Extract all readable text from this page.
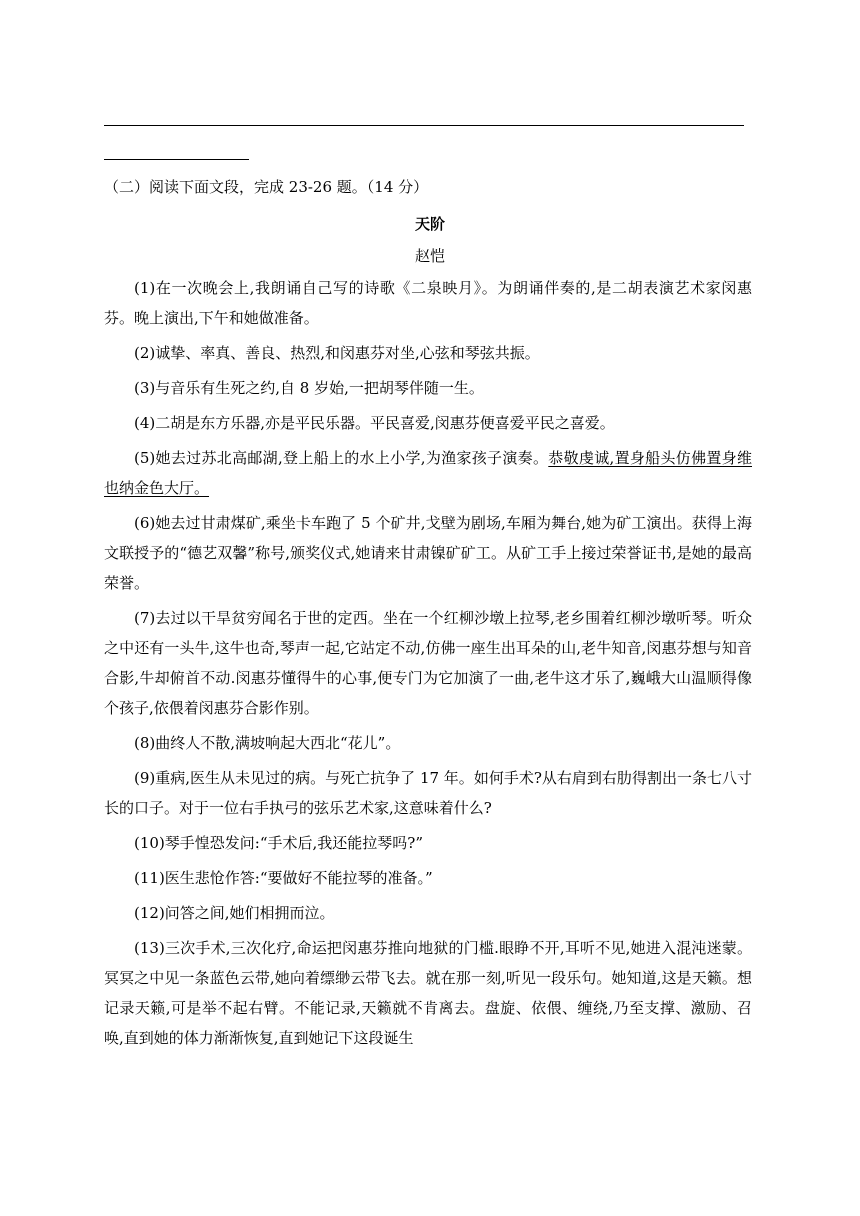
（二）阅读下面文段，完成 23-26 题。（14 分）
天阶
赵恺

(1)在一次晚会上,我朗诵自己写的诗歌《二泉映月》。为朗诵伴奏的,是二胡表演艺术家闵惠芬。晚上演出,下午和她做准备。

(2)诚挚、率真、善良、热烈,和闵惠芬对坐,心弦和琴弦共振。

(3)与音乐有生死之约,自 8 岁始,一把胡琴伴随一生。

(4)二胡是东方乐器,亦是平民乐器。平民喜爱,闵惠芬便喜爱平民之喜爱。

(5)她去过苏北高邮湖,登上船上的水上小学,为渔家孩子演奏。恭敬虔诚,置身船头仿佛置身维也纳金色大厅。

(6)她去过甘肃煤矿,乘坐卡车跑了 5 个矿井,戈壁为剧场,车厢为舞台,她为矿工演出。获得上海文联授予的“德艺双馨”称号,颁奖仪式,她请来甘肃镍矿矿工。从矿工手上接过荣誉证书,是她的最高荣誉。

(7)去过以干旱贫穷闻名于世的定西。坐在一个红柳沙墩上拉琴,老乡围着红柳沙墩听琴。听众之中还有一头牛,这牛也奇,琴声一起,它站定不动,仿佛一座生出耳朵的山,老牛知音,闵惠芬想与知音合影,牛却俯首不动.闵惠芬懂得牛的心事,便专门为它加演了一曲,老牛这才乐了,巍峨大山温顺得像个孩子,依偎着闵惠芬合影作别。

(8)曲终人不散,满坡响起大西北“花儿”。

(9)重病,医生从未见过的病。与死亡抗争了 17 年。如何手术?从右肩到右肋得割出一条七八寸长的口子。对于一位右手执弓的弦乐艺术家,这意味着什么?

(10)琴手惶恐发问:“手术后,我还能拉琴吗?”

(11)医生悲怆作答:“要做好不能拉琴的准备。”

(12)问答之间,她们相拥而泣。

(13)三次手术,三次化疗,命运把闵惠芬推向地狱的门槛.眼睁不开,耳听不见,她进入混沌迷蒙。冥冥之中见一条蓝色云带,她向着缥缈云带飞去。就在那一刻,听见一段乐句。她知道,这是天籁。想记录天籁,可是举不起右臂。不能记录,天籁就不肯离去。盘旋、依偎、缠绕,乃至支撑、激励、召唤,直到她的体力渐渐恢复,直到她记下这段诞生
